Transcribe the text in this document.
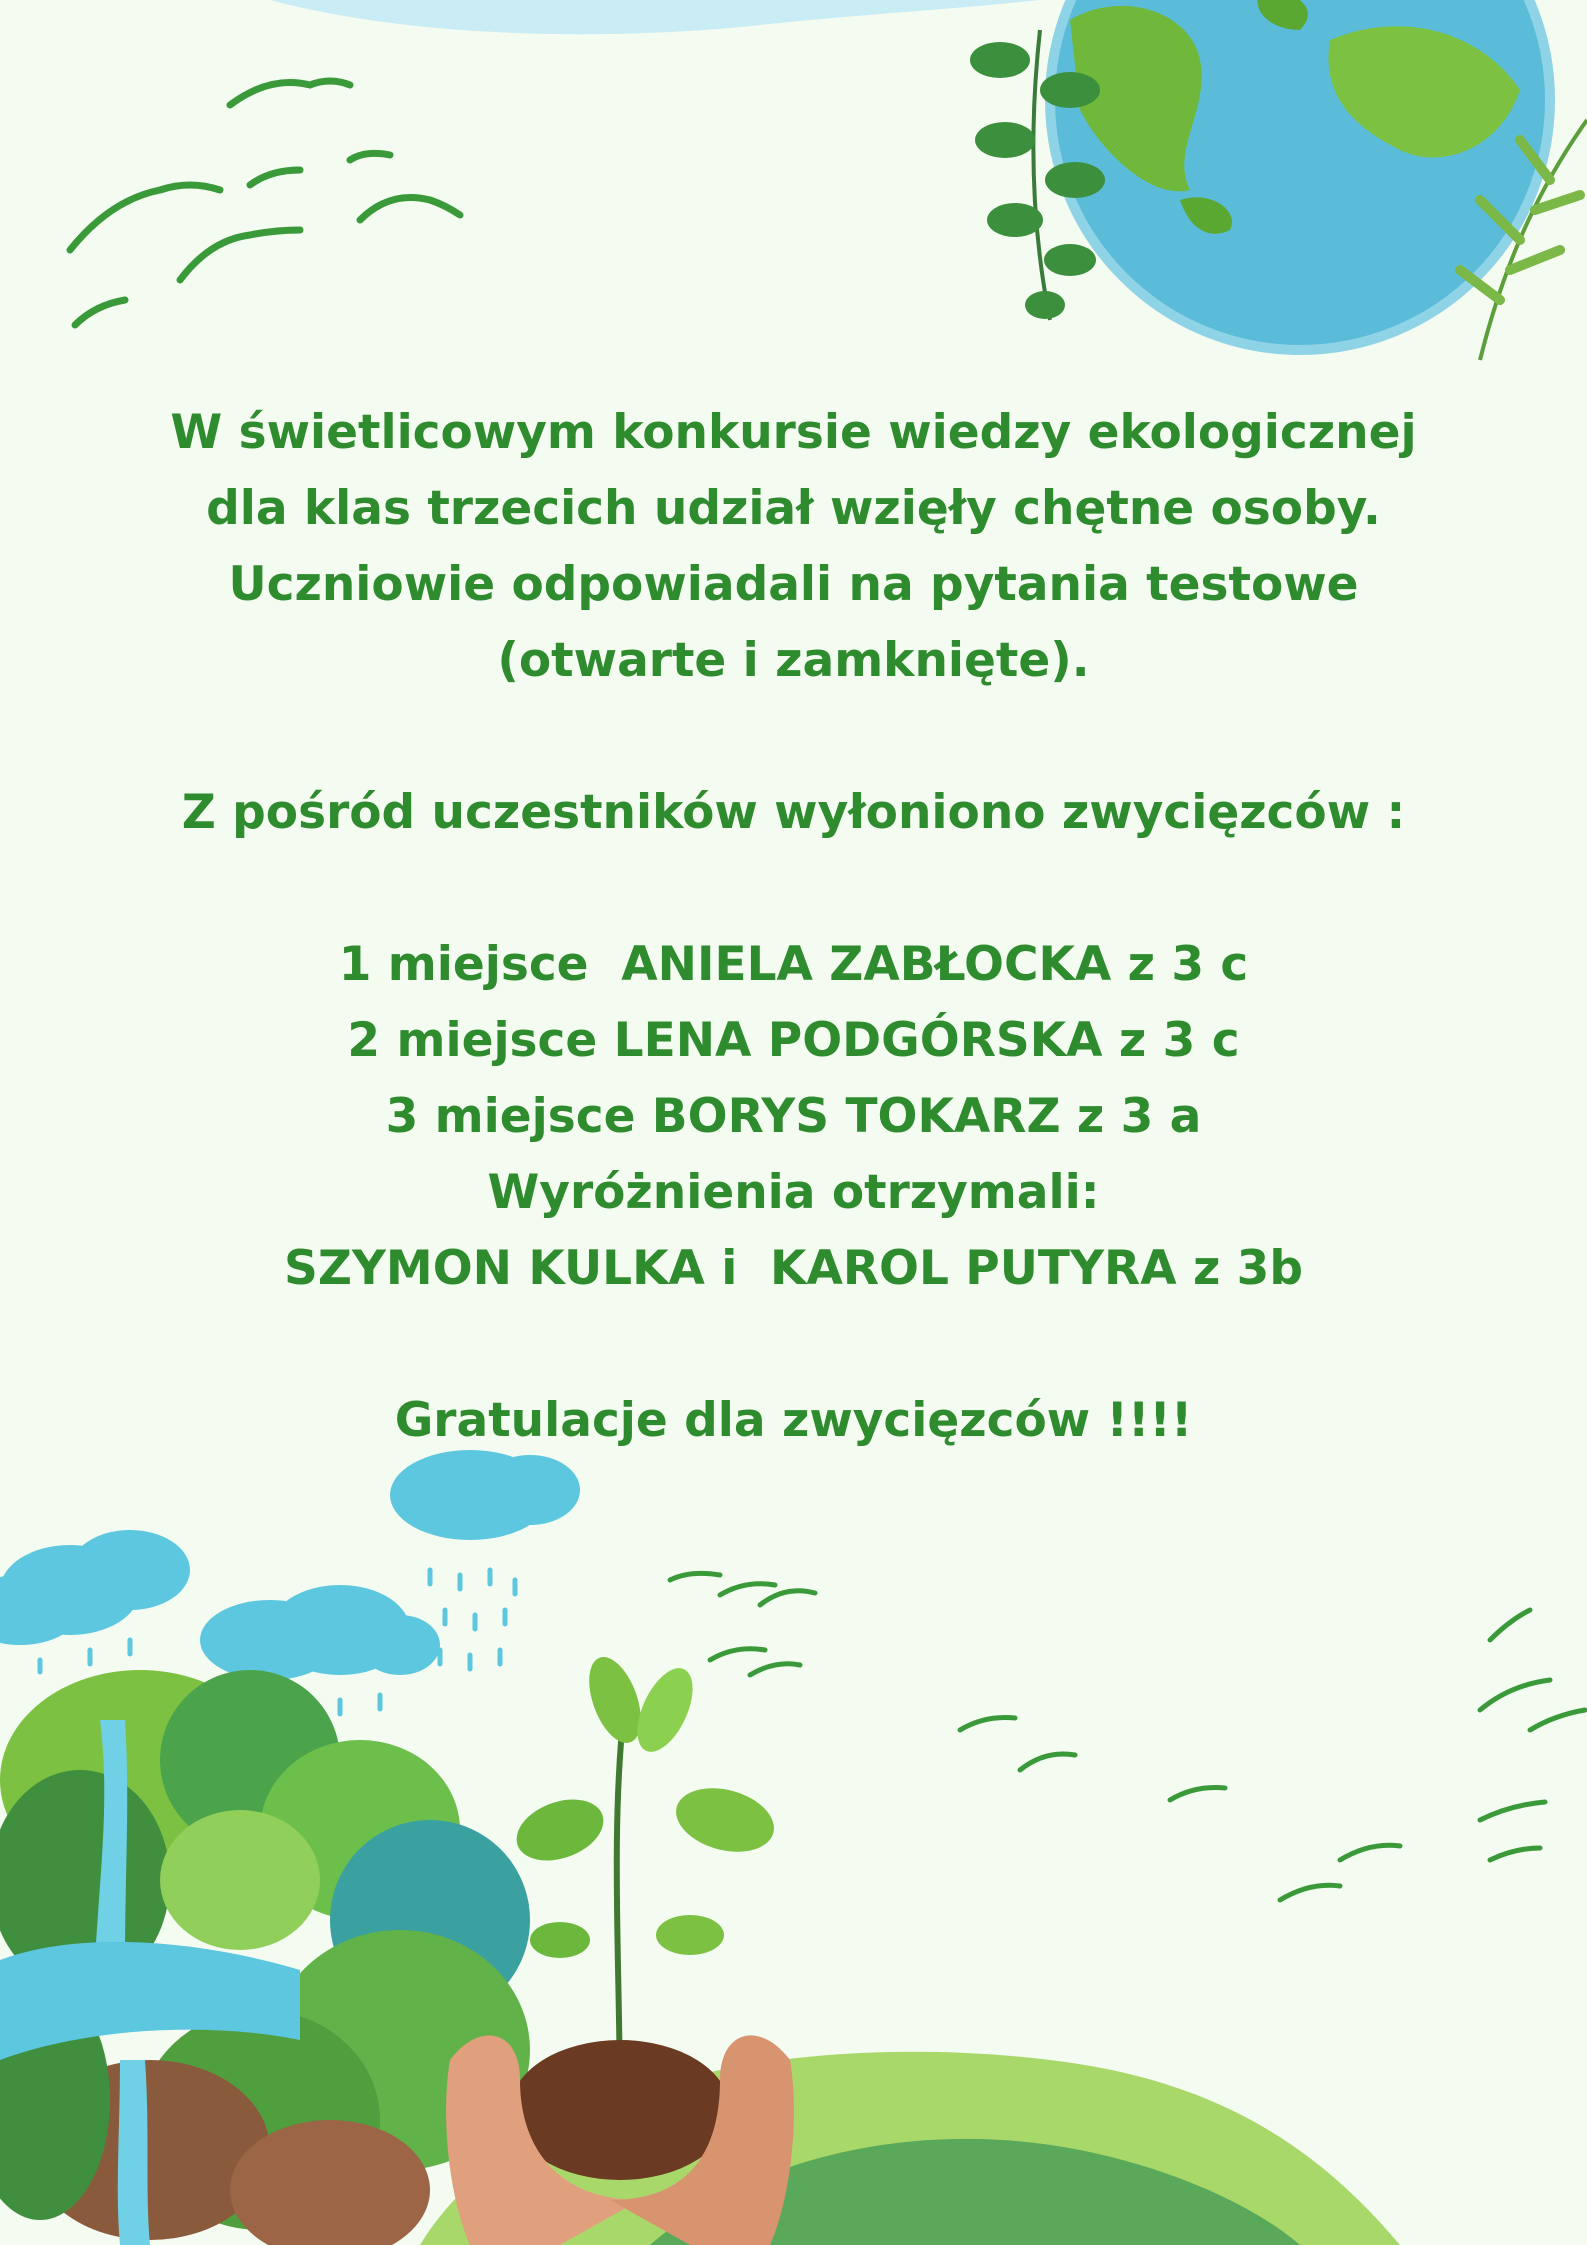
W świetlicowym konkursie wiedzy ekologicznej
dla klas trzecich udział wzięły chętne osoby.
Uczniowie odpowiadali na pytania testowe
(otwarte i zamknięte).
Z pośród uczestników wyłoniono zwycięzców :
1 miejsce  ANIELA ZABŁOCKA z 3 c
2 miejsce LENA PODGÓRSKA z 3 c
3 miejsce BORYS TOKARZ z 3 a
Wyróżnienia otrzymali:
SZYMON KULKA i  KAROL PUTYRA z 3b
Gratulacje dla zwycięzców !!!!
